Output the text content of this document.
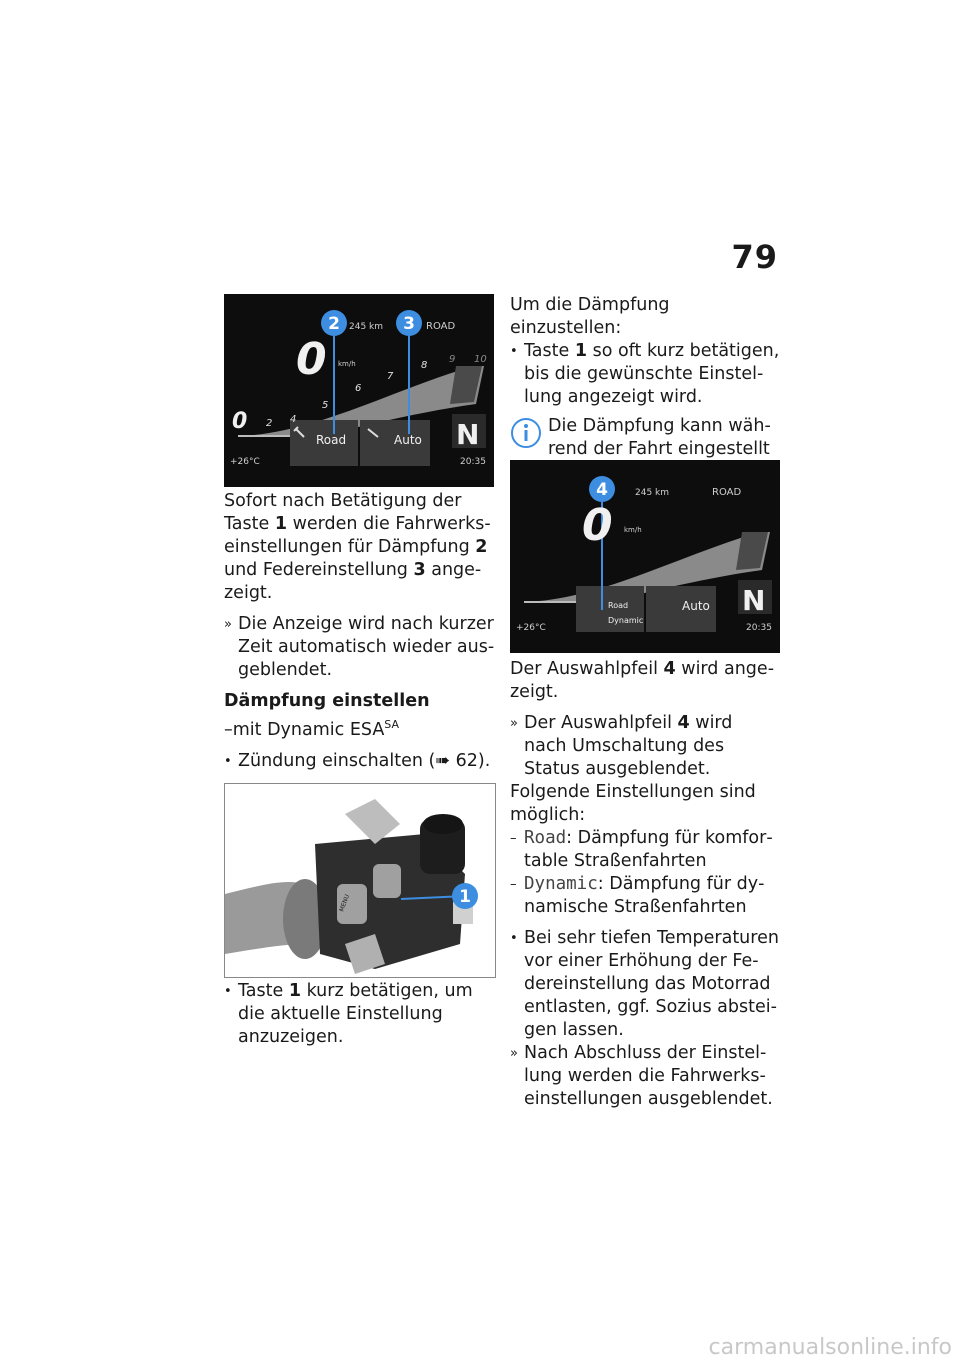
79
2	3
245 km	ROAD
0 km/h
2 4
5
6
7
8
9 10
0
Road	Auto N
+26°C	20:35

Sofort nach Betätigung der Taste 1 werden die Fahrwerkseinstellungen für Dämpfung 2 und Federeinstellung 3 angezeigt.

» Die Anzeige wird nach kurzer Zeit automatisch wieder ausgeblendet.

Dämpfung einstellen

–mit Dynamic $ESA^{SA}$

• Zündung einschalten (➠ 62).
1
MENU
• Taste 1 kurz betätigen, um die aktuelle Einstellung anzuzeigen.

Um die Dämpfung einzustellen:

• Taste 1 so oft kurz betätigen, bis die gewünschte Einstellung angezeigt wird.
Die Dämpfung kann während der Fahrt eingestellt
4	245 km	ROAD
0 km/h
Road
Dynamic
Auto N
+26°C	20:35

Der Auswahlpfeil 4 wird angezeigt.

» Der Auswahlpfeil 4 wird nach Umschaltung des Status ausgeblendet.

Folgende Einstellungen sind möglich:

– Road: Dämpfung für komfortable Straßenfahrten
– Dynamic: Dämpfung für dynamische Straßenfahrten
• Bei sehr tiefen Temperaturen vor einer Erhöhung der Federeinstellung das Motorrad entlasten, ggf. Sozius absteigen lassen.
» Nach Abschluss der Einstellung werden die Fahrwerkseinstellungen ausgeblendet.
carmanualsonline.info
